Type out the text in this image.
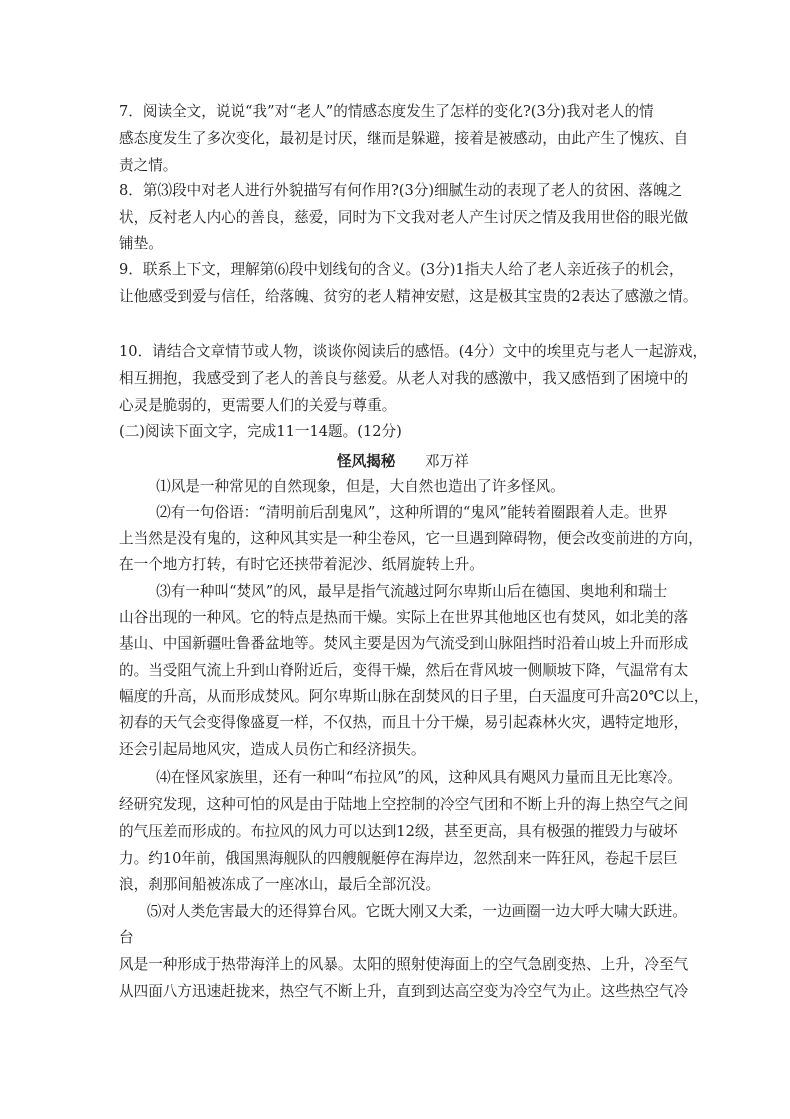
7．阅读全文，说说“我”对“老人”的情感态度发生了怎样的变化?(3分)我对老人的情
感态度发生了多次变化，最初是讨厌，继而是躲避，接着是被感动，由此产生了愧疚、自
责之情。
8．第⑶段中对老人进行外貌描写有何作用?(3分)细腻生动的表现了老人的贫困、落魄之
状，反衬老人内心的善良，慈爱，同时为下文我对老人产生讨厌之情及我用世俗的眼光做
铺垫。
9．联系上下文，理解第⑹段中划线旬的含义。(3分)1指夫人给了老人亲近孩子的机会，
让他感受到爱与信任，给落魄、贫穷的老人精神安慰，这是极其宝贵的2表达了感激之情。
10．请结合文章情节或人物，谈谈你阅读后的感悟。(4分）文中的埃里克与老人一起游戏，
相互拥抱，我感受到了老人的善良与慈爱。从老人对我的感激中，我又感悟到了困境中的
心灵是脆弱的，更需要人们的关爱与尊重。
(二)阅读下面文字，完成11一14题。(12分)
怪风揭秘 邓万祥
⑴风是一种常见的自然现象，但是，大自然也造出了许多怪风。
⑵有一句俗语：“清明前后刮鬼风”，这种所谓的“鬼风”能转着圈跟着人走。世界
上当然是没有鬼的，这种风其实是一种尘卷风，它一旦遇到障碍物，便会改变前进的方向，
在一个地方打转，有时它还挟带着泥沙、纸屑旋转上升。
⑶有一种叫“焚风”的风，最早是指气流越过阿尔卑斯山后在德国、奥地利和瑞士
山谷出现的一种风。它的特点是热而干燥。实际上在世界其他地区也有焚风，如北美的落
基山、中国新疆吐鲁番盆地等。焚风主要是因为气流受到山脉阻挡时沿着山坡上升而形成
的。当受阻气流上升到山脊附近后，变得干燥，然后在背风坡一侧顺坡下降，气温常有太
幅度的升高，从而形成焚风。阿尔卑斯山脉在刮焚风的日子里，白天温度可升高20℃以上，
初春的天气会变得像盛夏一样，不仅热，而且十分干燥，易引起森林火灾，遇特定地形，
还会引起局地风灾，造成人员伤亡和经济损失。
⑷在怪风家族里，还有一种叫“布拉风”的风，这种风具有飓风力量而且无比寒冷。
经研究发现，这种可怕的风是由于陆地上空控制的冷空气团和不断上升的海上热空气之间
的气压差而形成的。布拉风的风力可以达到12级，甚至更高，具有极强的摧毁力与破坏
力。约10年前，俄国黑海舰队的四艘舰艇停在海岸边，忽然刮来一阵狂风，卷起千层巨
浪，刹那间船被冻成了一座冰山，最后全部沉没。
⑸对人类危害最大的还得算台风。它既大刚又大柔，一边画圈一边大呼大啸大跃进。
台
风是一种形成于热带海洋上的风暴。太阳的照射使海面上的空气急剧变热、上升，冷至气
从四面八方迅速赶拢来，热空气不断上升，直到到达高空变为冷空气为止。这些热空气冷
